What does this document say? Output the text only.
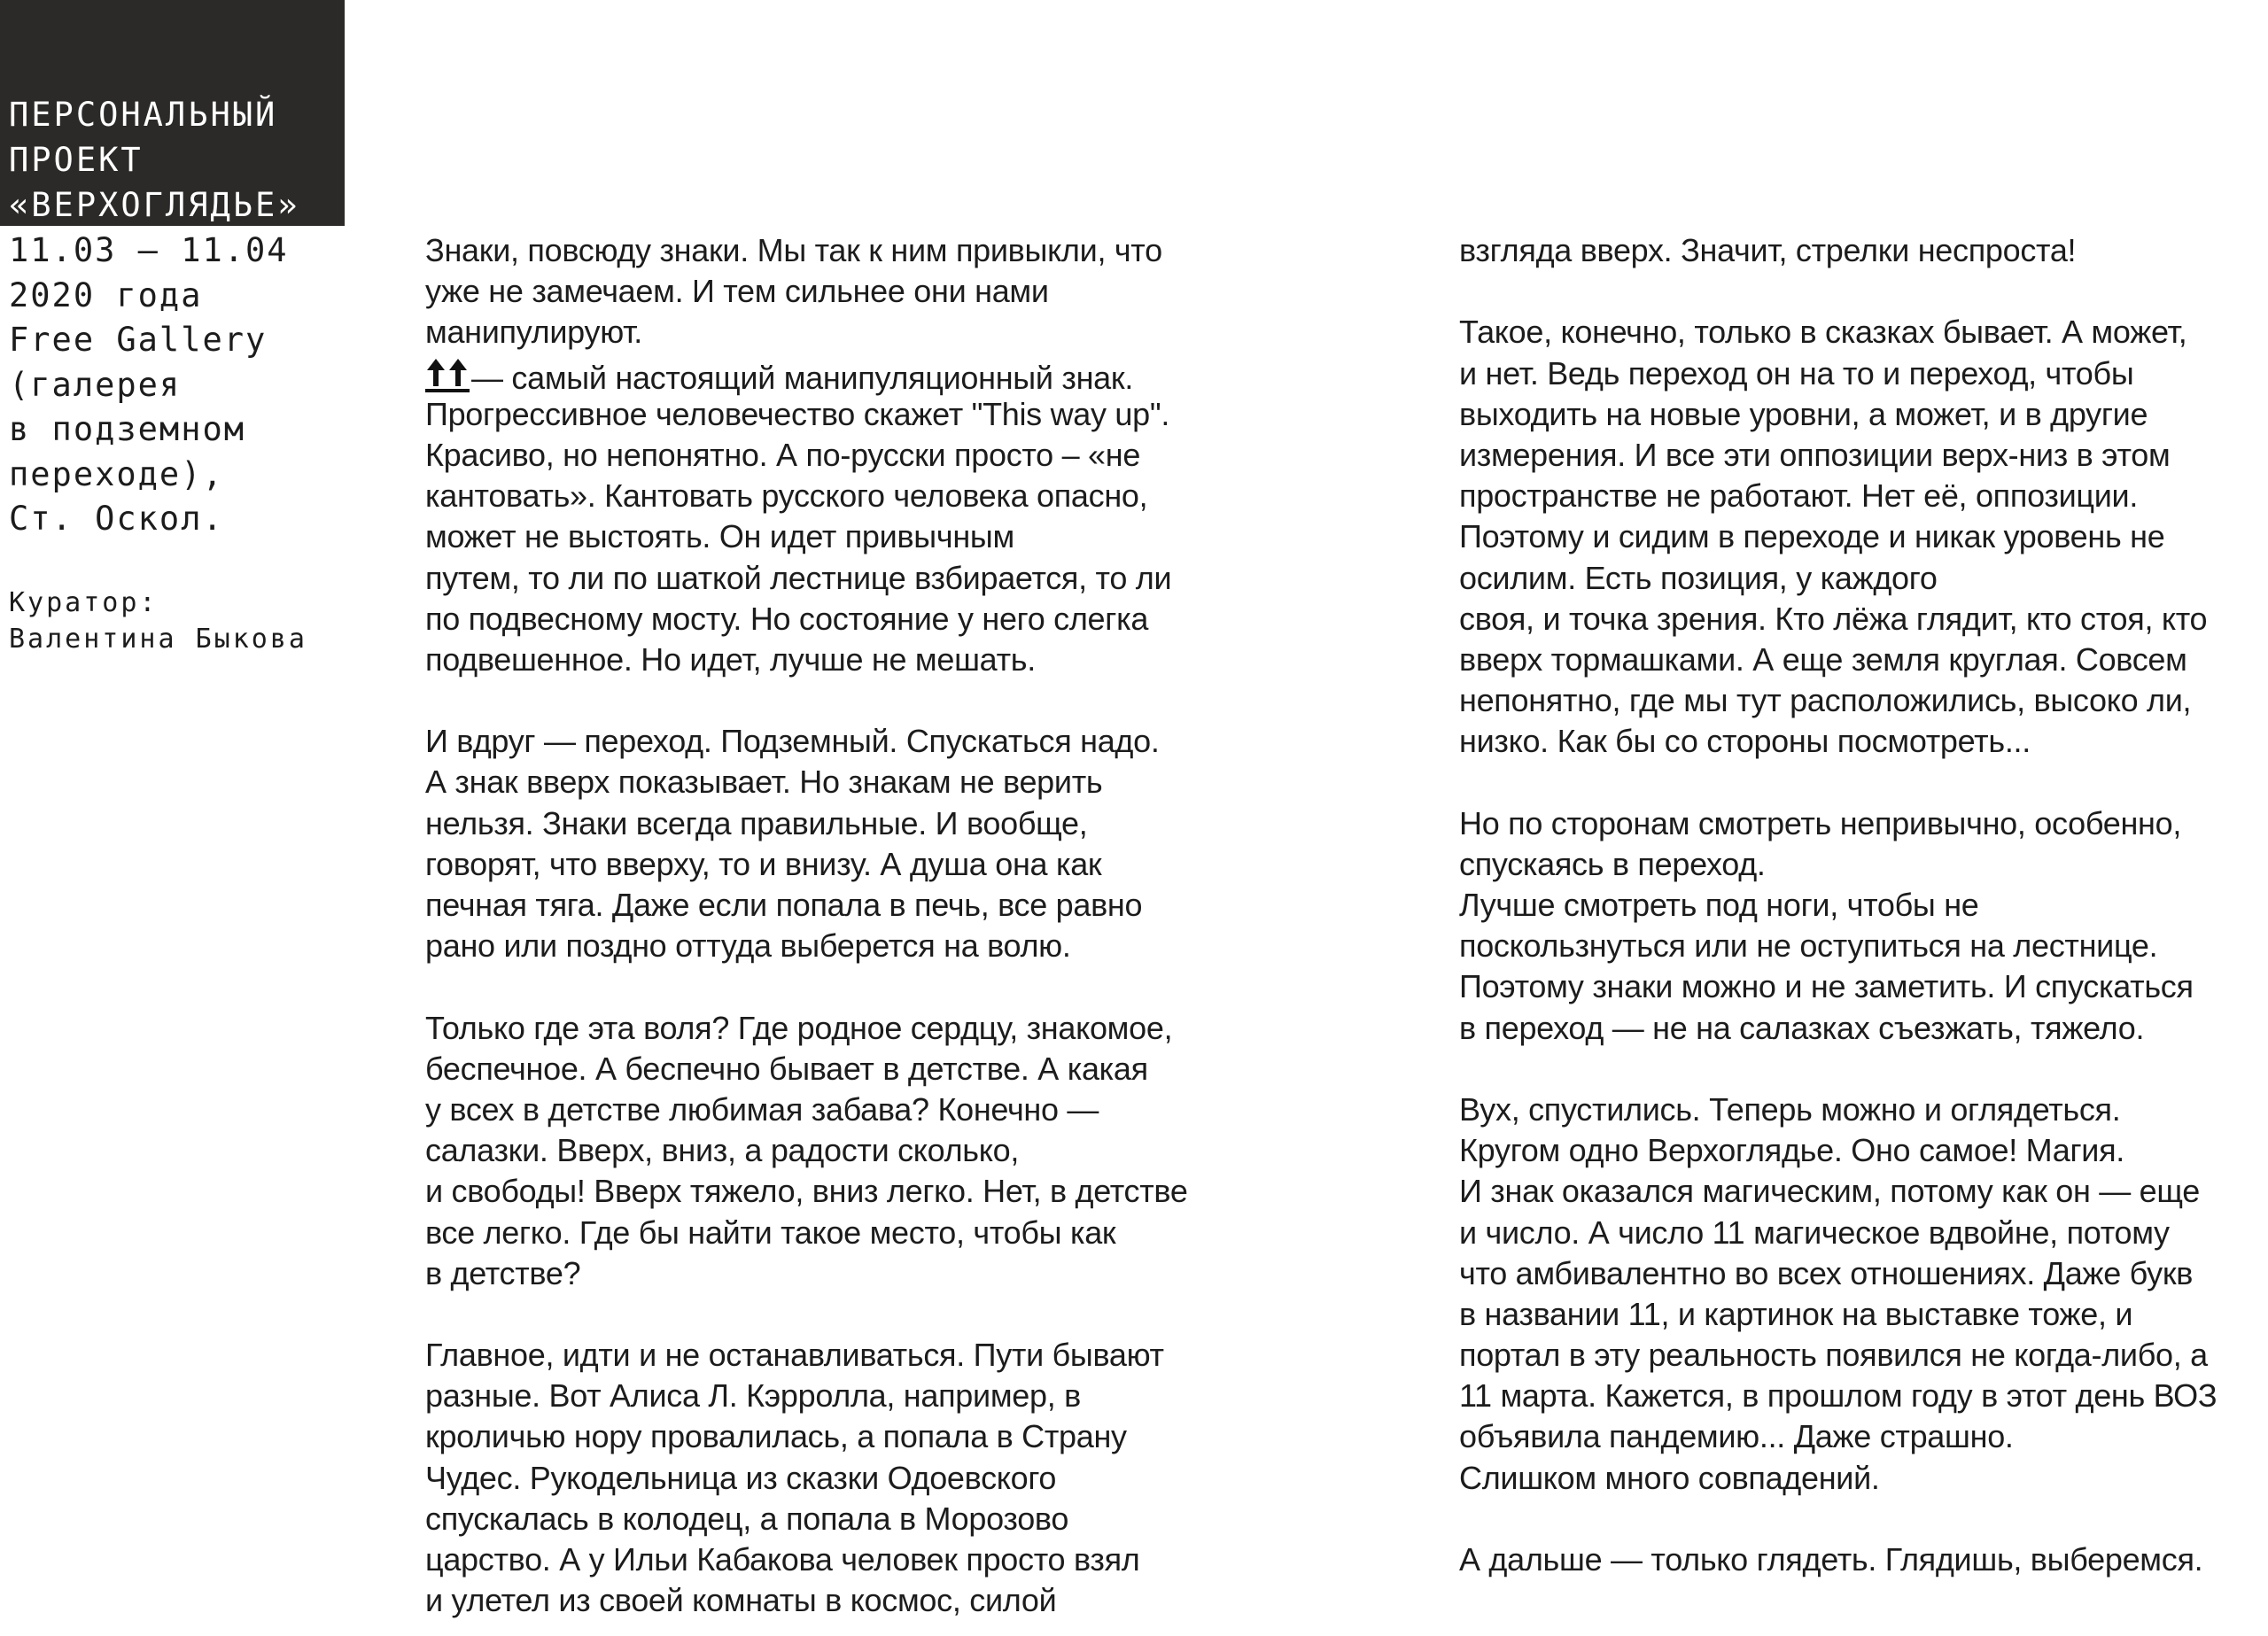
ПЕРСОНАЛЬНЫЙ
ПРОЕКТ
«ВЕРХОГЛЯДЬЕ»
11.03 — 11.04
2020 года
Free Gallery
(галерея
в подземном
переходе),
Ст. Оскол.
Куратор:
Валентина Быкова
Знаки, повсюду знаки. Мы так к ним привыкли, что
уже не замечаем. И тем сильнее они нами
манипулируют.
— самый настоящий манипуляционный знак.
Прогрессивное человечество скажет "This way up".
Красиво, но непонятно. А по-русски просто – «не
кантовать». Кантовать русского человека опасно,
может не выстоять. Он идет привычным
путем, то ли по шаткой лестнице взбирается, то ли
по подвесному мосту. Но состояние у него слегка
подвешенное. Но идет, лучше не мешать.
И вдруг — переход. Подземный. Спускаться надо.
А знак вверх показывает. Но знакам не верить
нельзя. Знаки всегда правильные. И вообще,
говорят, что вверху, то и внизу. А душа она как
печная тяга. Даже если попала в печь, все равно
рано или поздно оттуда выберется на волю.
Только где эта воля? Где родное сердцу, знакомое,
беспечное. А беспечно бывает в детстве. А какая
у всех в детстве любимая забава? Конечно —
салазки. Вверх, вниз, а радости сколько,
и свободы! Вверх тяжело, вниз легко. Нет, в детстве
все легко. Где бы найти такое место, чтобы как
в детстве?
Главное, идти и не останавливаться. Пути бывают
разные. Вот Алиса Л. Кэрролла, например, в
кроличью нору провалилась, а попала в Страну
Чудес. Рукодельница из сказки Одоевского
спускалась в колодец, а попала в Морозово
царство. А у Ильи Кабакова человек просто взял
и улетел из своей комнаты в космос, силой
взгляда вверх. Значит, стрелки неспроста!
Такое, конечно, только в сказках бывает. А может,
и нет. Ведь переход он на то и переход, чтобы
выходить на новые уровни, а может, и в другие
измерения. И все эти оппозиции верх-низ в этом
пространстве не работают. Нет её, оппозиции.
Поэтому и сидим в переходе и никак уровень не
осилим. Есть позиция, у каждого
своя, и точка зрения. Кто лёжа глядит, кто стоя, кто
вверх тормашками. А еще земля круглая. Совсем
непонятно, где мы тут расположились, высоко ли,
низко. Как бы со стороны посмотреть...
Но по сторонам смотреть непривычно, особенно,
спускаясь в переход.
Лучше смотреть под ноги, чтобы не
поскользнуться или не оступиться на лестнице.
Поэтому знаки можно и не заметить. И спускаться
в переход — не на салазках съезжать, тяжело.
Вух, спустились. Теперь можно и оглядеться.
Кругом одно Верхоглядье. Оно самое! Магия.
И знак оказался магическим, потому как он — еще
и число. А число 11 магическое вдвойне, потому
что амбивалентно во всех отношениях. Даже букв
в названии 11, и картинок на выставке тоже, и
портал в эту реальность появился не когда-либо, а
11 марта. Кажется, в прошлом году в этот день ВОЗ
объявила пандемию... Даже страшно.
Слишком много совпадений.
А дальше — только глядеть. Глядишь, выберемся.
